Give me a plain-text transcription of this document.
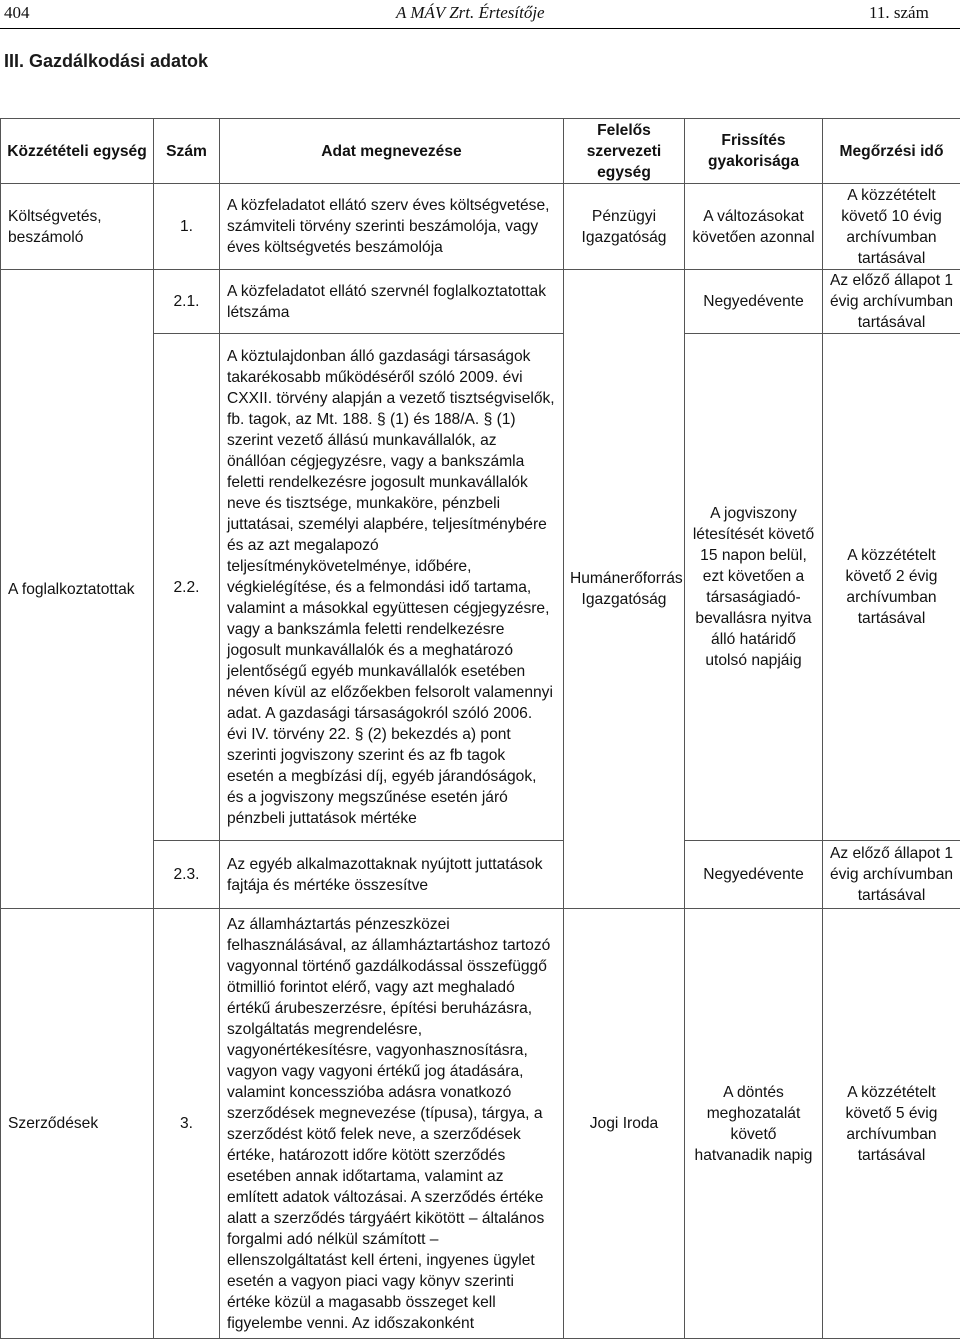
404	A MÁV Zrt. Értesítője	11. szám
III. Gazdálkodási adatok
Közzétételi egység	Szám	Adat megnevezése	Felelős szervezeti egység	Frissítés gyakorisága	Megőrzési idő
Költségvetés, beszámoló	1.	A közfeladatot ellátó szerv éves költségvetése, számviteli törvény szerinti beszámolója, vagy éves költségvetés beszámolója	Pénzügyi Igazgatóság	A változásokat követően azonnal	A közzétételt követő 10 évig archívumban tartásával
A foglalkoztatottak	2.1.	A közfeladatot ellátó szervnél foglalkoztatottak létszáma	Humánerőforrás Igazgatóság	Negyedévente	Az előző állapot 1 évig archívumban tartásával
	2.2.	A köztulajdonban álló gazdasági társaságok takarékosabb működéséről szóló 2009. évi CXXII. törvény alapján a vezető tisztségviselők, fb. tagok, az Mt. 188. § (1) és 188/A. § (1) szerint vezető állású munkavállalók, az önállóan cégjegyzésre, vagy a bankszámla feletti rendelkezésre jogosult munkavállalók neve és tisztsége, munkaköre, pénzbeli juttatásai, személyi alapbére, teljesítménybére és az azt megalapozó teljesítménykövetelménye, időbére, végkielégítése, és a felmondási idő tartama, valamint a másokkal együttesen cégjegyzésre, vagy a bankszámla feletti rendelkezésre jogosult munkavállalók és a meghatározó jelentőségű egyéb munkavállalók esetében néven kívül az előzőekben felsorolt valamennyi adat. A gazdasági társaságokról szóló 2006. évi IV. törvény 22. § (2) bekezdés a) pont szerinti jogviszony szerint és az fb tagok esetén a megbízási díj, egyéb járandóságok, és a jogviszony megszűnése esetén járó pénzbeli juttatások mértéke		A jogviszony létesítését követő 15 napon belül, ezt követően a társaságiadó-bevallásra nyitva álló határidő utolsó napjáig	A közzétételt követő 2 évig archívumban tartásával
	2.3.	Az egyéb alkalmazottaknak nyújtott juttatások fajtája és mértéke összesítve		Negyedévente	Az előző állapot 1 évig archívumban tartásával
Szerződések	3.	Az államháztartás pénzeszközei felhasználásával, az államháztartáshoz tartozó vagyonnal történő gazdálkodással összefüggő ötmillió forintot elérő, vagy azt meghaladó értékű árubeszerzésre, építési beruházásra, szolgáltatás megrendelésre, vagyonértékesítésre, vagyonhasznosításra, vagyon vagy vagyoni értékű jog átadására, valamint koncesszióba adásra vonatkozó szerződések megnevezése (típusa), tárgya, a szerződést kötő felek neve, a szerződések értéke, határozott időre kötött szerződés esetében annak időtartama, valamint az említett adatok változásai. A szerződés értéke alatt a szerződés tárgyáért kikötött – általános forgalmi adó nélkül számított – ellenszolgáltatást kell érteni, ingyenes ügylet esetén a vagyon piaci vagy könyv szerinti értéke közül a magasabb összeget kell figyelembe venni. Az időszakonként	Jogi Iroda	A döntés meghozatalát követő hatvanadik napig	A közzétételt követő 5 évig archívumban tartásával
